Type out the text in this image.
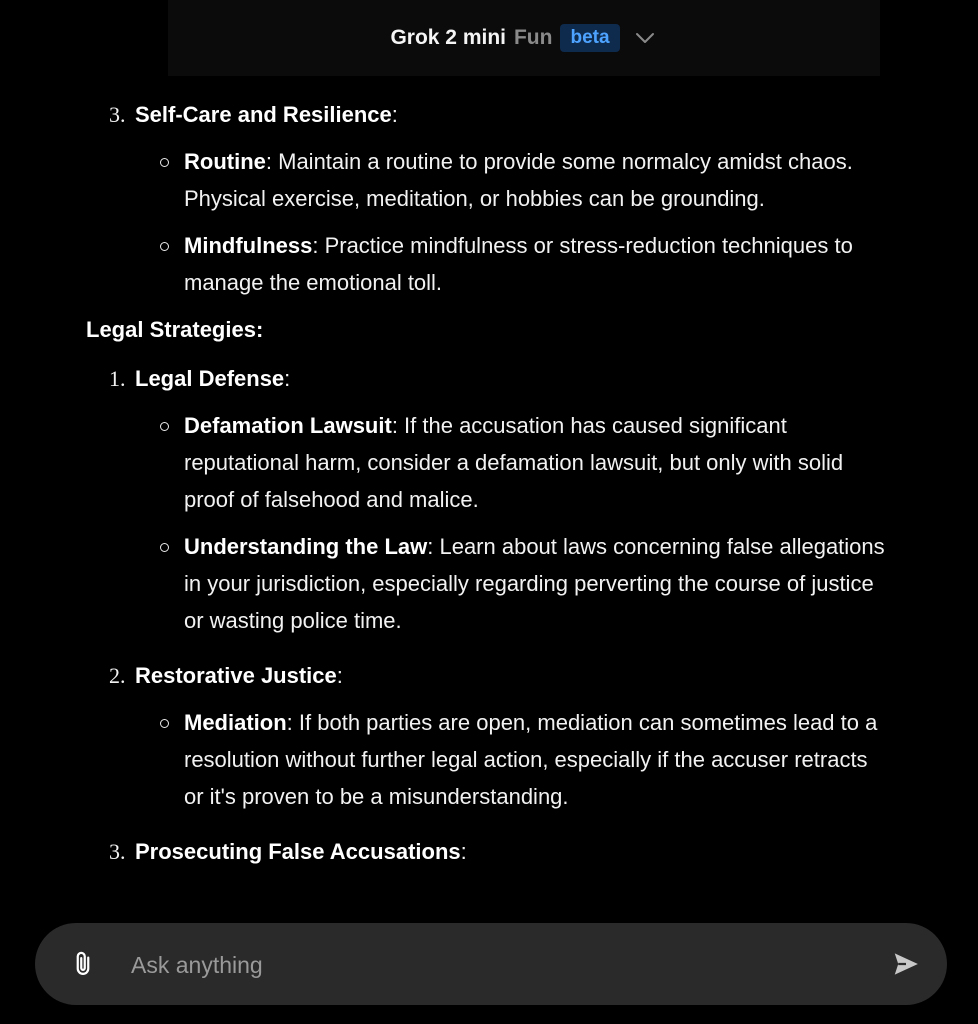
Grok 2 mini Fun beta
3. Self-Care and Resilience:
Routine: Maintain a routine to provide some normalcy amidst chaos. Physical exercise, meditation, or hobbies can be grounding.
Mindfulness: Practice mindfulness or stress-reduction techniques to manage the emotional toll.
Legal Strategies:
1. Legal Defense:
Defamation Lawsuit: If the accusation has caused significant reputational harm, consider a defamation lawsuit, but only with solid proof of falsehood and malice.
Understanding the Law: Learn about laws concerning false allegations in your jurisdiction, especially regarding perverting the course of justice or wasting police time.
2. Restorative Justice:
Mediation: If both parties are open, mediation can sometimes lead to a resolution without further legal action, especially if the accuser retracts or it's proven to be a misunderstanding.
3. Prosecuting False Accusations:
Ask anything
